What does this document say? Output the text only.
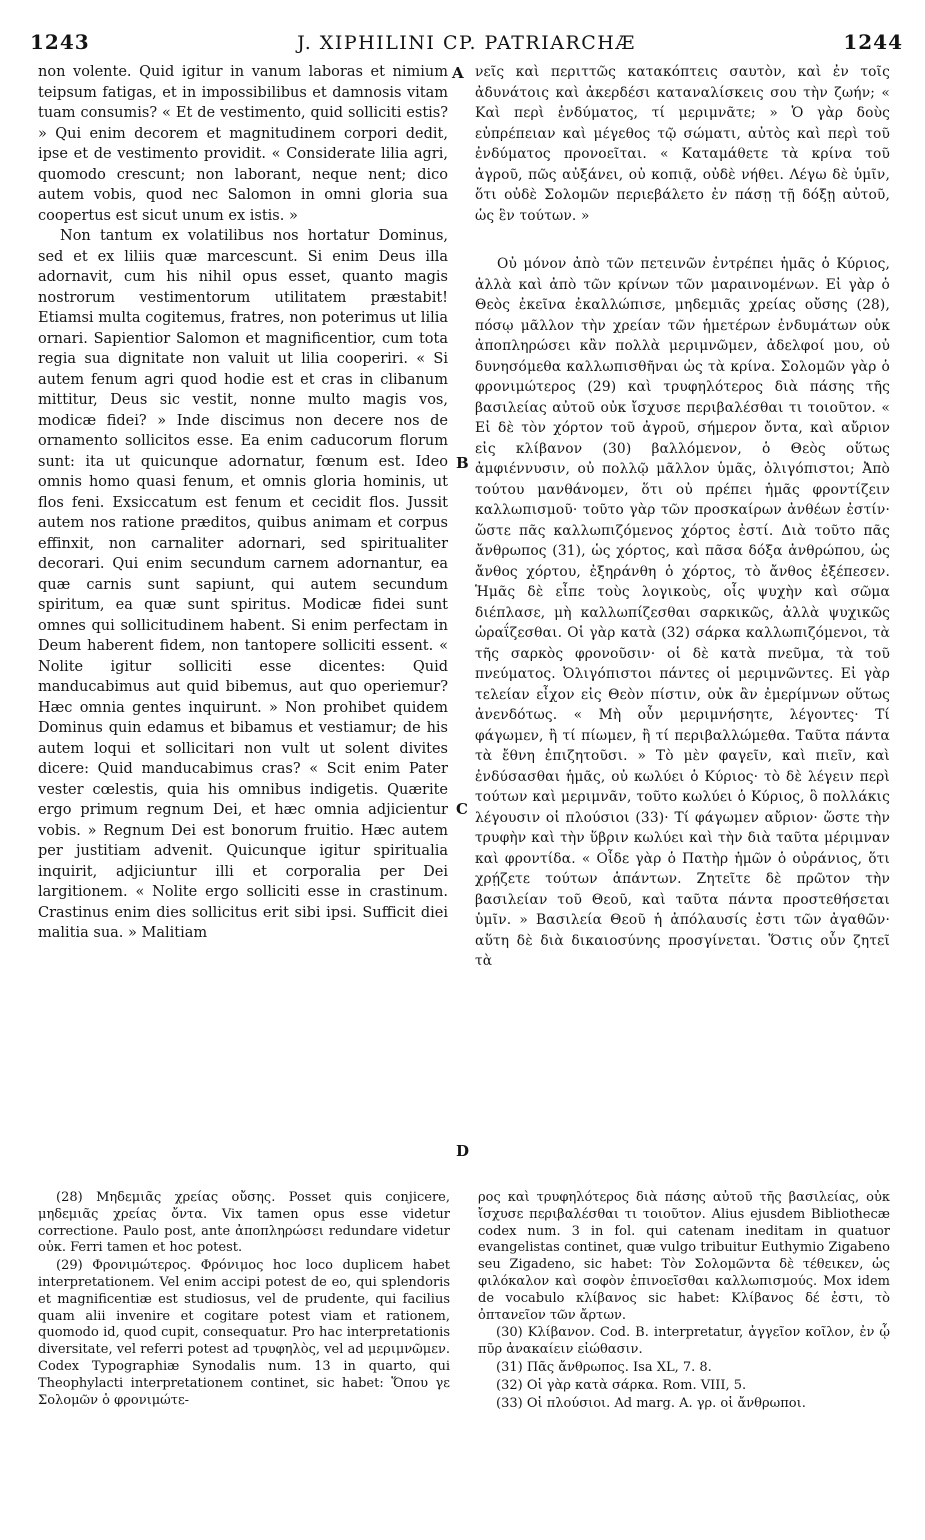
1243	J. XIPHILINI CP. PATRIARCHÆ	1244

non volente. Quid igitur in vanum laboras et nimium teipsum fatigas, et in impossibilibus et damnosis vitam tuam consumis? « Et de vestimento, quid solliciti estis? » Qui enim decorem et magnitudinem corpori dedit, ipse et de vestimento providit. « Considerate lilia agri, quomodo crescunt; non laborant, neque nent; dico autem vobis, quod nec Salomon in omni gloria sua coopertus est sicut unum ex istis. »

Non tantum ex volatilibus nos hortatur Dominus, sed et ex liliis quæ marcescunt. Si enim Deus illa adornavit, cum his nihil opus esset, quanto magis nostrorum vestimentorum utilitatem præstabit! Etiamsi multa cogitemus, fratres, non poterimus ut lilia ornari. Sapientior Salomon et magnificentior, cum tota regia sua dignitate non valuit ut lilia cooperiri. « Si autem fenum agri quod hodie est et cras in clibanum mittitur, Deus sic vestit, nonne multo magis vos, modicæ fidei? » Inde discimus non decere nos de ornamento sollicitos esse. Ea enim caducorum florum sunt: ita ut quicunque adornatur, fœnum est. Ideo omnis homo quasi fenum, et omnis gloria hominis, ut flos feni. Exsiccatum est fenum et cecidit flos. Jussit autem nos ratione præditos, quibus animam et corpus effinxit, non carnaliter adornari, sed spiritualiter decorari. Qui enim secundum carnem adornantur, ea quæ carnis sunt sapiunt, qui autem secundum spiritum, ea quæ sunt spiritus. Modicæ fidei sunt omnes qui sollicitudinem habent. Si enim perfectam in Deum haberent fidem, non tantopere solliciti essent. « Nolite igitur solliciti esse dicentes: Quid manducabimus aut quid bibemus, aut quo operiemur? Hæc omnia gentes inquirunt. » Non prohibet quidem Dominus quin edamus et bibamus et vestiamur; de his autem loqui et sollicitari non vult ut solent divites dicere: Quid manducabimus cras? « Scit enim Pater vester cœlestis, quia his omnibus indigetis. Quærite ergo primum regnum Dei, et hæc omnia adjicientur vobis. » Regnum Dei est bonorum fruitio. Hæc autem per justitiam advenit. Quicunque igitur spiritualia inquirit, adjiciuntur illi et corporalia per Dei largitionem. « Nolite ergo solliciti esse in crastinum. Crastinus enim dies sollicitus erit sibi ipsi. Sufficit diei malitia sua. » Malitiam

A
B
C
D

νεῖς καὶ περιττῶς κατακόπτεις σαυτὸν, καὶ ἐν τοῖς ἀδυνάτοις καὶ ἀκερδέσι καταναλίσκεις σου τὴν ζωήν; « Καὶ περὶ ἐνδύματος, τί μεριμνᾶτε; » Ὁ γὰρ δοὺς εὐπρέπειαν καὶ μέγεθος τῷ σώματι, αὐτὸς καὶ περὶ τοῦ ἐνδύματος προνοεῖται. « Καταμάθετε τὰ κρίνα τοῦ ἀγροῦ, πῶς αὐξάνει, οὐ κοπιᾷ, οὐδὲ νήθει. Λέγω δὲ ὑμῖν, ὅτι οὐδὲ Σολομῶν περιεβάλετο ἐν πάσῃ τῇ δόξῃ αὐτοῦ, ὡς ἓν τούτων. »

Οὐ μόνον ἀπὸ τῶν πετεινῶν ἐντρέπει ἡμᾶς ὁ Κύριος, ἀλλὰ καὶ ἀπὸ τῶν κρίνων τῶν μαραινομένων. Εἰ γὰρ ὁ Θεὸς ἐκεῖνα ἐκαλλώπισε, μηδεμιᾶς χρείας οὔσης (28), πόσῳ μᾶλλον τὴν χρείαν τῶν ἡμετέρων ἐνδυμάτων οὐκ ἀποπληρώσει κἂν πολλὰ μεριμνῶμεν, ἀδελφοί μου, οὐ δυνησόμεθα καλλωπισθῆναι ὡς τὰ κρίνα. Σολομῶν γὰρ ὁ φρονιμώτερος (29) καὶ τρυφηλότερος διὰ πάσης τῆς βασιλείας αὐτοῦ οὐκ ἴσχυσε περιβαλέσθαι τι τοιοῦτον. « Εἰ δὲ τὸν χόρτον τοῦ ἀγροῦ, σήμερον ὄντα, καὶ αὔριον εἰς κλίβανον (30) βαλλόμενον, ὁ Θεὸς οὕτως ἀμφιέννυσιν, οὐ πολλῷ μᾶλλον ὑμᾶς, ὀλιγόπιστοι; Ἀπὸ τούτου μανθάνομεν, ὅτι οὐ πρέπει ἡμᾶς φροντίζειν καλλωπισμοῦ· τοῦτο γὰρ τῶν προσκαίρων ἀνθέων ἐστίν· ὥστε πᾶς καλλωπιζόμενος χόρτος ἐστί. Διὰ τοῦτο πᾶς ἄνθρωπος (31), ὡς χόρτος, καὶ πᾶσα δόξα ἀνθρώπου, ὡς ἄνθος χόρτου, ἐξηράνθη ὁ χόρτος, τὸ ἄνθος ἐξέπεσεν. Ἡμᾶς δὲ εἶπε τοὺς λογικοὺς, οἷς ψυχὴν καὶ σῶμα διέπλασε, μὴ καλλωπίζεσθαι σαρκικῶς, ἀλλὰ ψυχικῶς ὡραΐζεσθαι. Οἱ γὰρ κατὰ (32) σάρκα καλλωπιζόμενοι, τὰ τῆς σαρκὸς φρονοῦσιν· οἱ δὲ κατὰ πνεῦμα, τὰ τοῦ πνεύματος. Ὀλιγόπιστοι πάντες οἱ μεριμνῶντες. Εἰ γὰρ τελείαν εἶχον εἰς Θεὸν πίστιν, οὐκ ἂν ἐμερίμνων οὕτως ἀνενδότως. « Μὴ οὖν μεριμνήσητε, λέγοντες· Τί φάγωμεν, ἢ τί πίωμεν, ἢ τί περιβαλλώμεθα. Ταῦτα πάντα τὰ ἔθνη ἐπιζητοῦσι. » Τὸ μὲν φαγεῖν, καὶ πιεῖν, καὶ ἐνδύσασθαι ἡμᾶς, οὐ κωλύει ὁ Κύριος· τὸ δὲ λέγειν περὶ τούτων καὶ μεριμνᾶν, τοῦτο κωλύει ὁ Κύριος, ὃ πολλάκις λέγουσιν οἱ πλούσιοι (33)· Τί φάγωμεν αὔριον· ὥστε τὴν τρυφὴν καὶ τὴν ὕβριν κωλύει καὶ τὴν διὰ ταῦτα μέριμναν καὶ φροντίδα. « Οἶδε γὰρ ὁ Πατὴρ ἡμῶν ὁ οὐράνιος, ὅτι χρῄζετε τούτων ἁπάντων. Ζητεῖτε δὲ πρῶτον τὴν βασιλείαν τοῦ Θεοῦ, καὶ ταῦτα πάντα προστεθήσεται ὑμῖν. » Βασιλεία Θεοῦ ἡ ἀπόλαυσίς ἐστι τῶν ἀγαθῶν· αὕτη δὲ διὰ δικαιοσύνης προσγίνεται. Ὅστις οὖν ζητεῖ τὰ

(28) Μηδεμιᾶς χρείας οὔσης. Posset quis conjicere, μηδεμιᾶς χρείας ὄντα. Vix tamen opus esse videtur correctione. Paulo post, ante ἀποπληρώσει redundare videtur οὐκ. Ferri tamen et hoc potest.

(29) Φρονιμώτερος. Φρόνιμος hoc loco duplicem habet interpretationem. Vel enim accipi potest de eo, qui splendoris et magnificentiæ est studiosus, vel de prudente, qui facilius quam alii invenire et cogitare potest viam et rationem, quomodo id, quod cupit, consequatur. Pro hac interpretationis diversitate, vel referri potest ad τρυφηλὸς, vel ad μεριμνῶμεν. Codex Typographiæ Synodalis num. 13 in quarto, qui Theophylacti interpretationem continet, sic habet: Ὅπου γε Σολομῶν ὁ φρονιμώτε-

ρος καὶ τρυφηλότερος διὰ πάσης αὐτοῦ τῆς βασιλείας, οὐκ ἴσχυσε περιβαλέσθαι τι τοιοῦτον. Alius ejusdem Bibliothecæ codex num. 3 in fol. qui catenam ineditam in quatuor evangelistas continet, quæ vulgo tribuitur Euthymio Zigabeno seu Zigadeno, sic habet: Τὸν Σολομῶντα δὲ τέθεικεν, ὡς φιλόκαλον καὶ σοφὸν ἐπινοεῖσθαι καλλωπισμούς. Mox idem de vocabulo κλίβανος sic habet: Κλίβανος δέ ἐστι, τὸ ὀπτανεῖον τῶν ἄρτων.

(30) Κλίβανον. Cod. B. interpretatur, ἀγγεῖον κοῖλον, ἐν ᾧ πῦρ ἀνακαίειν εἰώθασιν.

(31) Πᾶς ἄνθρωπος. Isa XL, 7. 8.

(32) Οἱ γὰρ κατὰ σάρκα. Rom. VIII, 5.

(33) Οἱ πλούσιοι. Ad marg. A. γρ. οἱ ἄνθρωποι.
